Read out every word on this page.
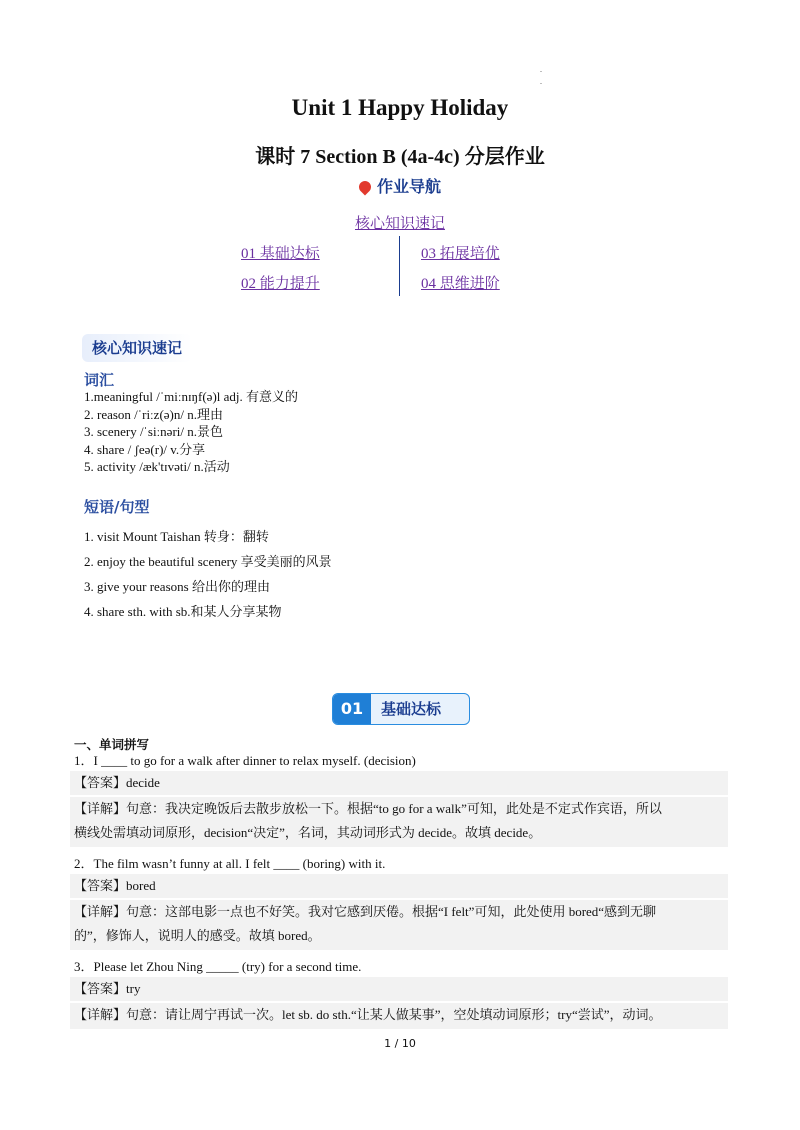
.
.
Unit 1 Happy Holiday
课时 7 Section B (4a-4c) 分层作业
作业导航
核心知识速记
01 基础达标	03 拓展培优
02 能力提升	04 思维进阶
核心知识速记
词汇
1.meaningful /ˈmiːnɪŋf(ə)l adj. 有意义的
2. reason /ˈriːz(ə)n/ n.理由
3. scenery /ˈsiːnəri/ n.景色
4. share / ʃeə(r)/ v.分享
5. activity /æk'tɪvəti/ n.活动
短语/句型
1. visit Mount Taishan 转身：翻转
2. enjoy the beautiful scenery 享受美丽的风景
3. give your reasons 给出你的理由
4. share sth. with sb.和某人分享某物
01	基础达标
一、单词拼写
1．I ____ to go for a walk after dinner to relax myself. (decision)
【答案】decide
【详解】句意：我决定晚饭后去散步放松一下。根据“to go for a walk”可知，此处是不定式作宾语，所以
横线处需填动词原形，decision“决定”，名词，其动词形式为 decide。故填 decide。
2．The film wasn’t funny at all. I felt ____ (boring) with it.
【答案】bored
【详解】句意：这部电影一点也不好笑。我对它感到厌倦。根据“I felt”可知，此处使用 bored“感到无聊
的”，修饰人，说明人的感受。故填 bored。
3．Please let Zhou Ning _____ (try) for a second time.
【答案】try
【详解】句意：请让周宁再试一次。let sb. do sth.“让某人做某事”，空处填动词原形；try“尝试”，动词。
1 / 10
